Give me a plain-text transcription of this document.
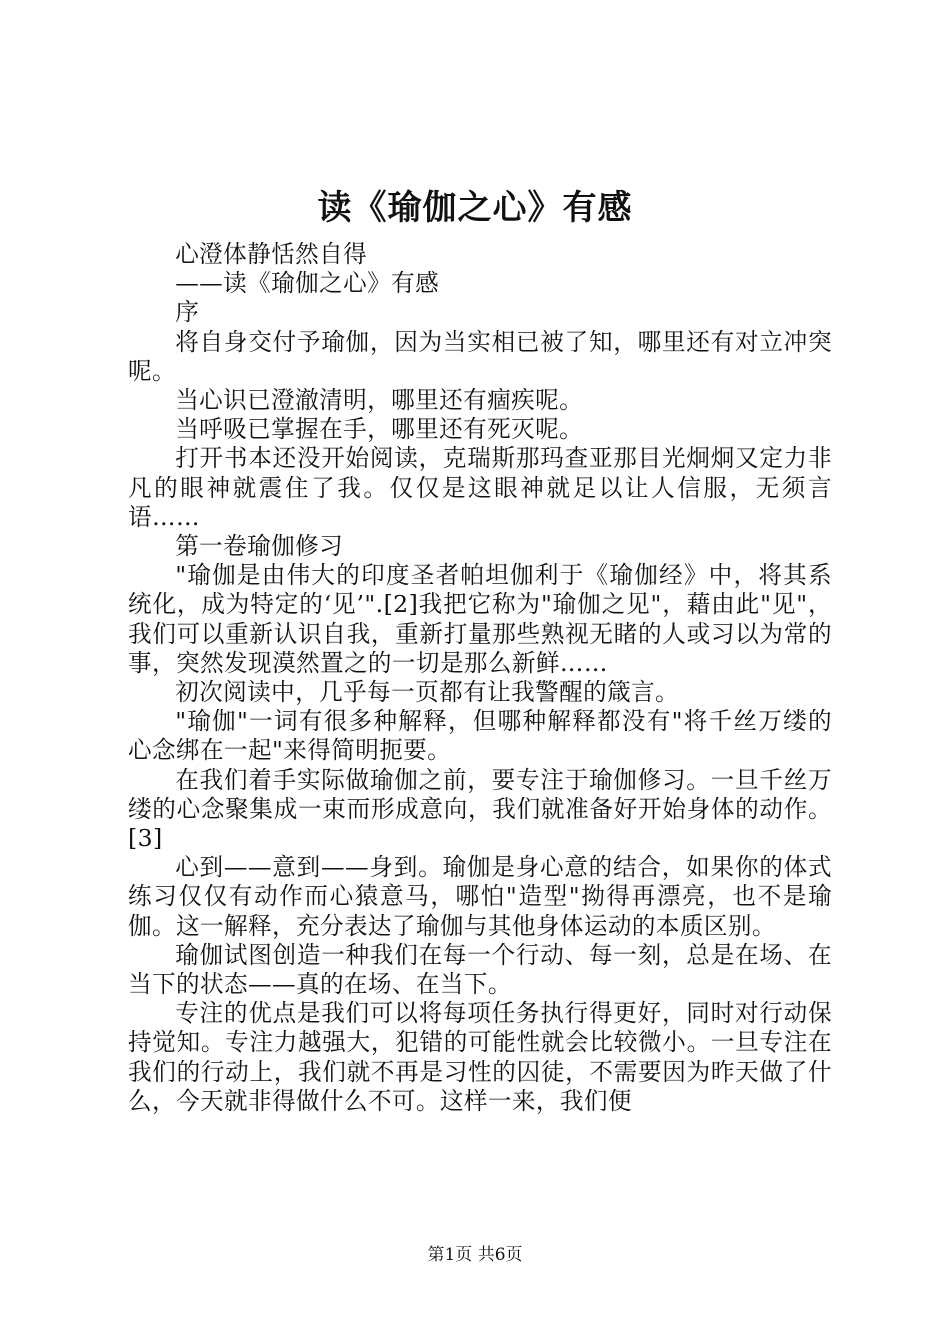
读《瑜伽之心》有感

心澄体静恬然自得

——读《瑜伽之心》有感

序

将自身交付予瑜伽，因为当实相已被了知，哪里还有对立冲突呢。

当心识已澄澈清明，哪里还有痼疾呢。

当呼吸已掌握在手，哪里还有死灭呢。

打开书本还没开始阅读，克瑞斯那玛查亚那目光炯炯又定力非凡的眼神就震住了我。仅仅是这眼神就足以让人信服，无须言语……

第一卷瑜伽修习

"瑜伽是由伟大的印度圣者帕坦伽利于《瑜伽经》中，将其系统化，成为特定的‘见’".[2]我把它称为"瑜伽之见"，藉由此"见"，我们可以重新认识自我，重新打量那些熟视无睹的人或习以为常的事，突然发现漠然置之的一切是那么新鲜……

初次阅读中，几乎每一页都有让我警醒的箴言。

"瑜伽"一词有很多种解释，但哪种解释都没有"将千丝万缕的心念绑在一起"来得简明扼要。

在我们着手实际做瑜伽之前，要专注于瑜伽修习。一旦千丝万缕的心念聚集成一束而形成意向，我们就准备好开始身体的动作。[3]

心到——意到——身到。瑜伽是身心意的结合，如果你的体式练习仅仅有动作而心猿意马，哪怕"造型"拗得再漂亮，也不是瑜伽。这一解释，充分表达了瑜伽与其他身体运动的本质区别。

瑜伽试图创造一种我们在每一个行动、每一刻，总是在场、在当下的状态——真的在场、在当下。

专注的优点是我们可以将每项任务执行得更好，同时对行动保持觉知。专注力越强大，犯错的可能性就会比较微小。一旦专注在我们的行动上，我们就不再是习性的囚徒，不需要因为昨天做了什么，今天就非得做什么不可。这样一来，我们便

第1页 共6页
